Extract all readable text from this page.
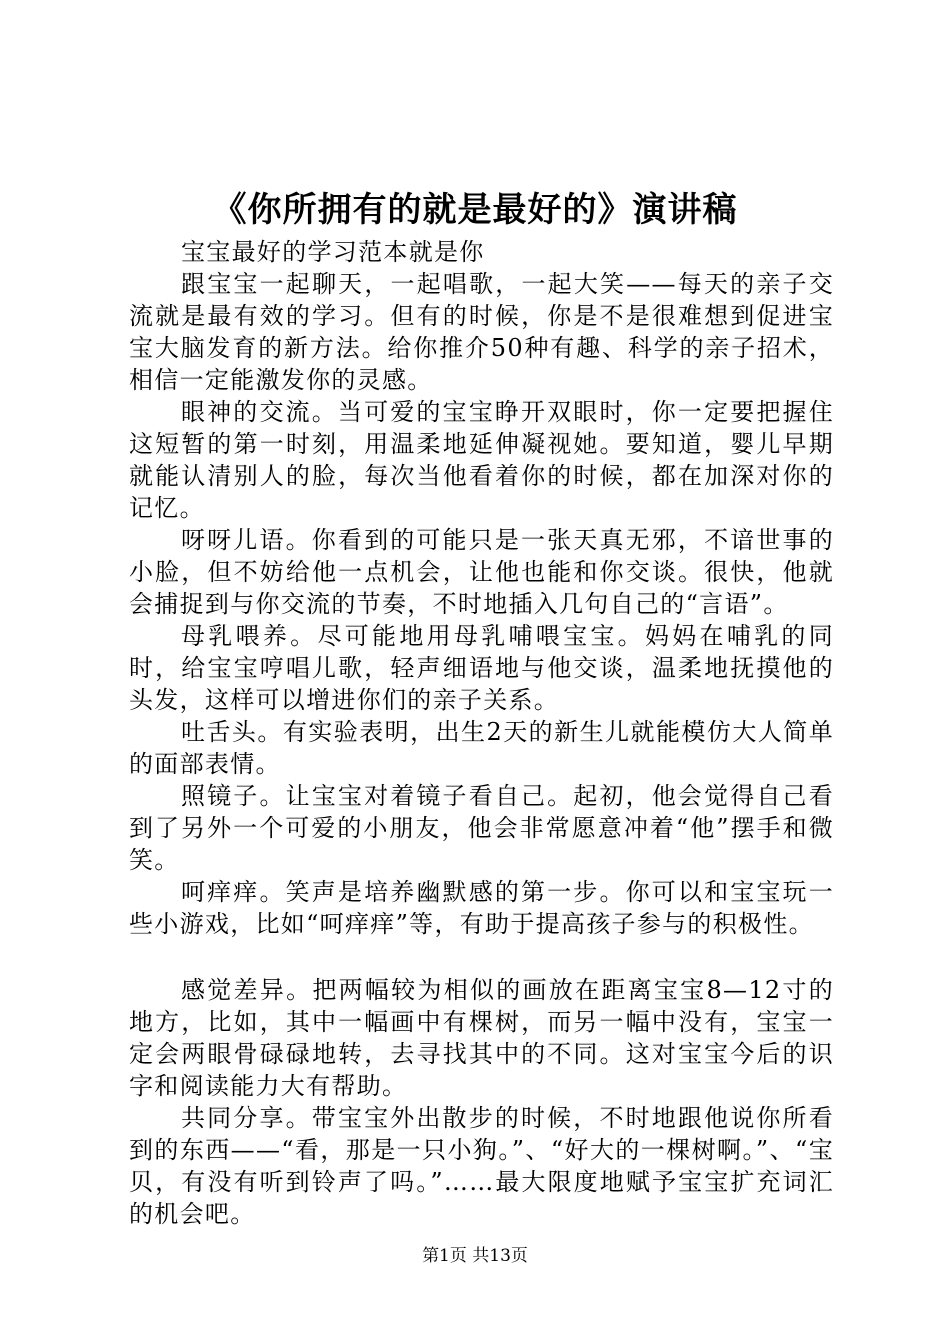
《你所拥有的就是最好的》演讲稿

宝宝最好的学习范本就是你

跟宝宝一起聊天，一起唱歌，一起大笑——每天的亲子交流就是最有效的学习。但有的时候，你是不是很难想到促进宝宝大脑发育的新方法。给你推介50种有趣、科学的亲子招术，相信一定能激发你的灵感。

眼神的交流。当可爱的宝宝睁开双眼时，你一定要把握住这短暂的第一时刻，用温柔地延伸凝视她。要知道，婴儿早期就能认清别人的脸，每次当他看着你的时候，都在加深对你的记忆。

呀呀儿语。你看到的可能只是一张天真无邪，不谙世事的小脸，但不妨给他一点机会，让他也能和你交谈。很快，他就会捕捉到与你交流的节奏，不时地插入几句自己的“言语”。

母乳喂养。尽可能地用母乳哺喂宝宝。妈妈在哺乳的同时，给宝宝哼唱儿歌，轻声细语地与他交谈，温柔地抚摸他的头发，这样可以增进你们的亲子关系。

吐舌头。有实验表明，出生2天的新生儿就能模仿大人简单的面部表情。

照镜子。让宝宝对着镜子看自己。起初，他会觉得自己看到了另外一个可爱的小朋友，他会非常愿意冲着“他”摆手和微笑。

呵痒痒。笑声是培养幽默感的第一步。你可以和宝宝玩一些小游戏，比如“呵痒痒”等，有助于提高孩子参与的积极性。

感觉差异。把两幅较为相似的画放在距离宝宝8—12寸的地方，比如，其中一幅画中有棵树，而另一幅中没有，宝宝一定会两眼骨碌碌地转，去寻找其中的不同。这对宝宝今后的识字和阅读能力大有帮助。

共同分享。带宝宝外出散步的时候，不时地跟他说你所看到的东西——“看，那是一只小狗。”、“好大的一棵树啊。”、“宝贝，有没有听到铃声了吗。”……最大限度地赋予宝宝扩充词汇的机会吧。

第1页 共13页
